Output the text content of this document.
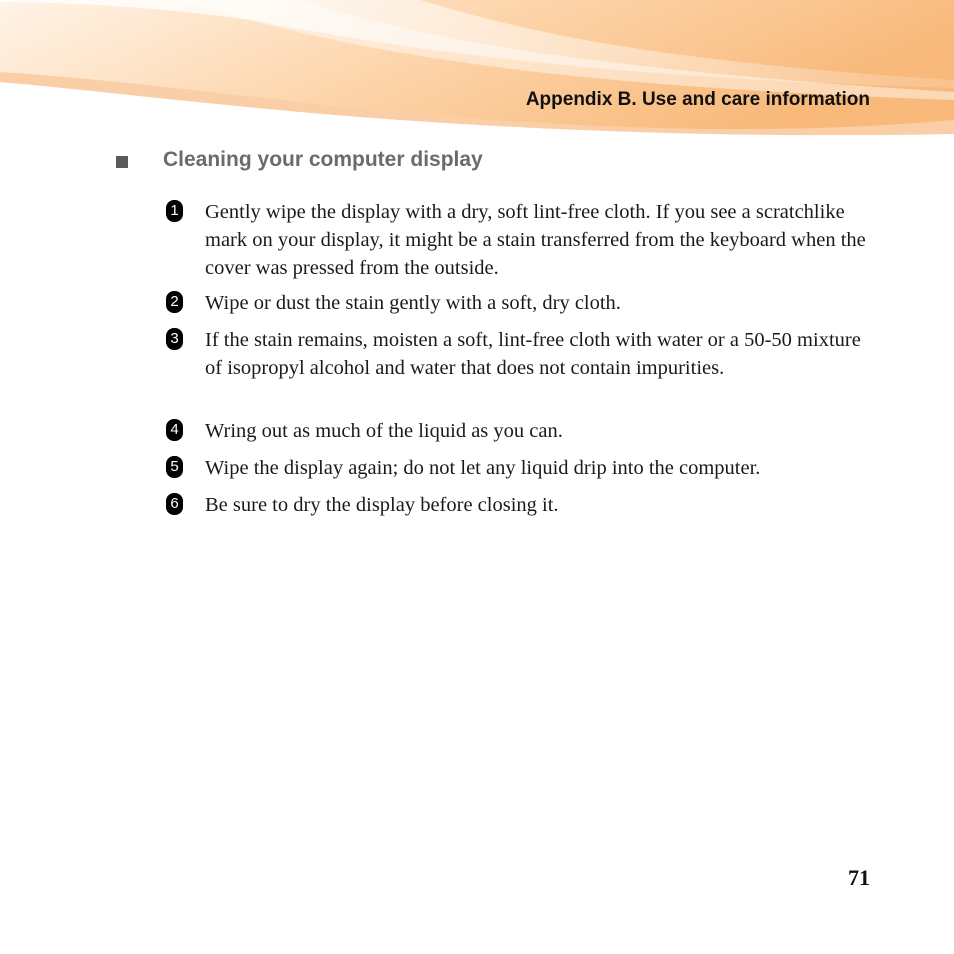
Appendix B. Use and care information
Cleaning your computer display
1 Gently wipe the display with a dry, soft lint-free cloth. If you see a scratchlike mark on your display, it might be a stain transferred from the keyboard when the cover was pressed from the outside.
2 Wipe or dust the stain gently with a soft, dry cloth.
3 If the stain remains, moisten a soft, lint-free cloth with water or a 50-50 mixture of isopropyl alcohol and water that does not contain impurities.
4 Wring out as much of the liquid as you can.
5 Wipe the display again; do not let any liquid drip into the computer.
6 Be sure to dry the display before closing it.
71
